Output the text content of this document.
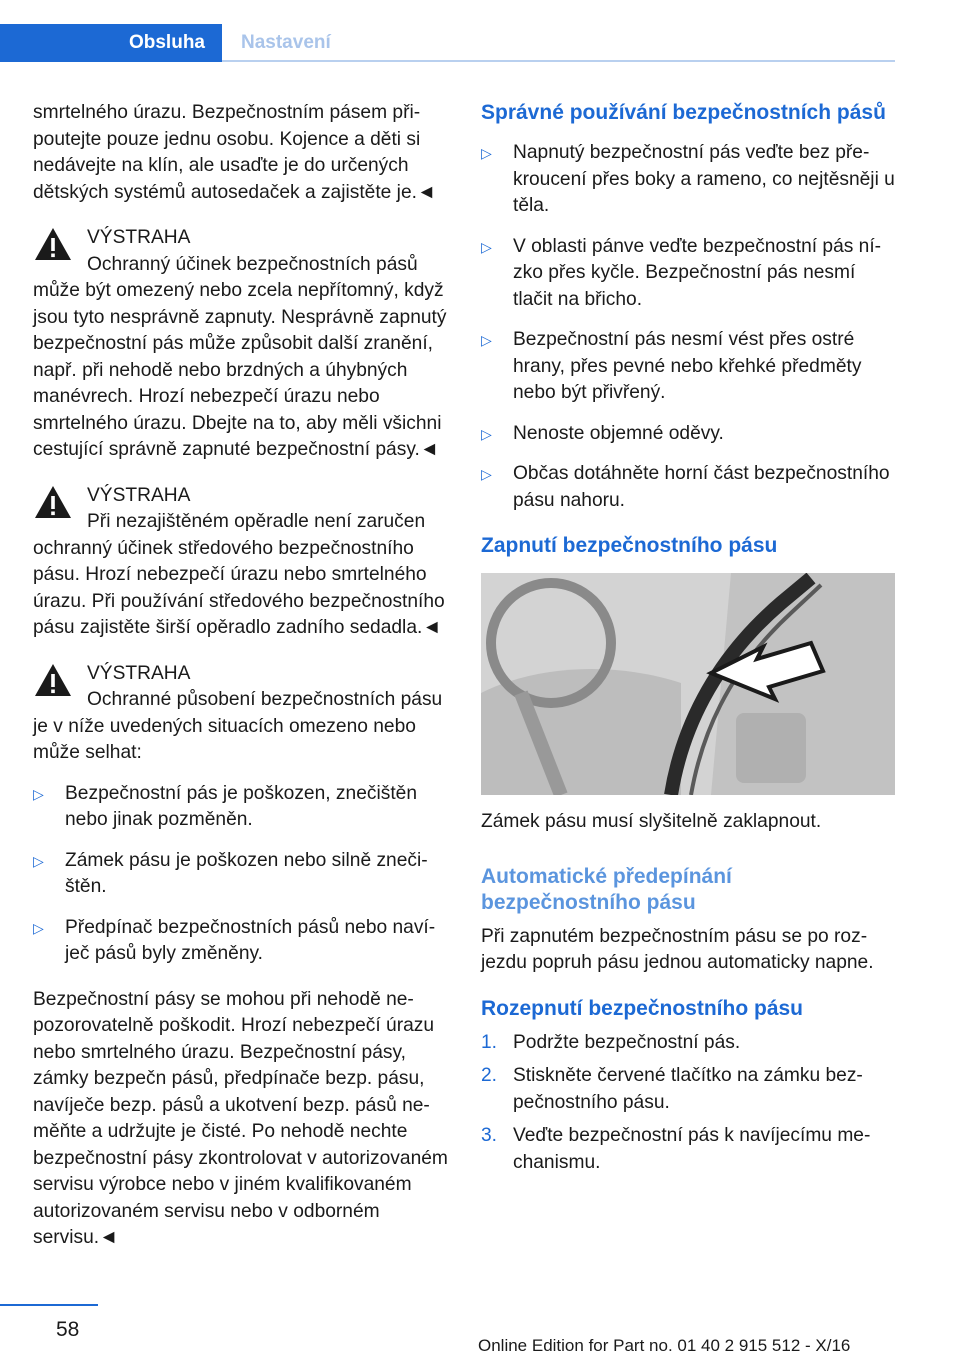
Obsluha	Nastavení

smrtelného úrazu. Bezpečnostním pásem připoutejte pouze jednu osobu. Kojence a děti si nedávejte na klín, ale usaďte je do určených dětských systémů autosedaček a zajistěte je.◄

VÝSTRAHA
Ochranný účinek bezpečnostních pásů může být omezený nebo zcela nepřítomný, když jsou tyto nesprávně zapnuty. Nesprávně zapnutý bezpečnostní pás může způsobit další zranění, např. při nehodě nebo brzdných a úhybných manévrech. Hrozí nebezpečí úrazu nebo smrtelného úrazu. Dbejte na to, aby měli všichni cestující správně zapnuté bezpečnostní pásy.◄
VÝSTRAHA
Při nezajištěném opěradle není zaručen ochranný účinek středového bezpečnostního pásu. Hrozí nebezpečí úrazu nebo smrtelného úrazu. Při používání středového bezpečnostního pásu zajistěte širší opěradlo zadního sedadla.◄
VÝSTRAHA
Ochranné působení bezpečnostních pásu je v níže uvedených situacích omezeno nebo může selhat:
▷ Bezpečnostní pás je poškozen, znečištěn nebo jinak pozměněn.
▷ Zámek pásu je poškozen nebo silně znečištěn.
▷ Předpínač bezpečnostních pásů nebo navíječ pásů byly změněny.
Bezpečnostní pásy se mohou při nehodě nepozorovatelně poškodit. Hrozí nebezpečí úrazu nebo smrtelného úrazu. Bezpečnostní pásy, zámky bezpečn pásů, předpínače bezp. pásu, navíječe bezp. pásů a ukotvení bezp. pásů neměňte a udržujte je čisté. Po nehodě nechte bezpečnostní pásy zkontrolovat v autorizovaném servisu výrobce nebo v jiném kvalifikovaném autorizovaném servisu nebo v odborném servisu.◄
Správné používání bezpečnostních pásů
▷ Napnutý bezpečnostní pás veďte bez překroucení přes boky a rameno, co nejtěsněji u těla.
▷ V oblasti pánve veďte bezpečnostní pás nízko přes kyčle. Bezpečnostní pás nesmí tlačit na břicho.
▷ Bezpečnostní pás nesmí vést přes ostré hrany, přes pevné nebo křehké předměty nebo být přivřený.
▷ Nenoste objemné oděvy.
▷ Občas dotáhněte horní část bezpečnostního pásu nahoru.
Zapnutí bezpečnostního pásu
Zámek pásu musí slyšitelně zaklapnout.
Automatické předepínání bezpečnostního pásu

Při zapnutém bezpečnostním pásu se po rozjezdu popruh pásu jednou automaticky napne.

Rozepnutí bezpečnostního pásu
1. Podržte bezpečnostní pás.
2. Stiskněte červené tlačítko na zámku bezpečnostního pásu.
3. Veďte bezpečnostní pás k navíjecímu mechanismu.
58
Online Edition for Part no. 01 40 2 915 512 - X/16
